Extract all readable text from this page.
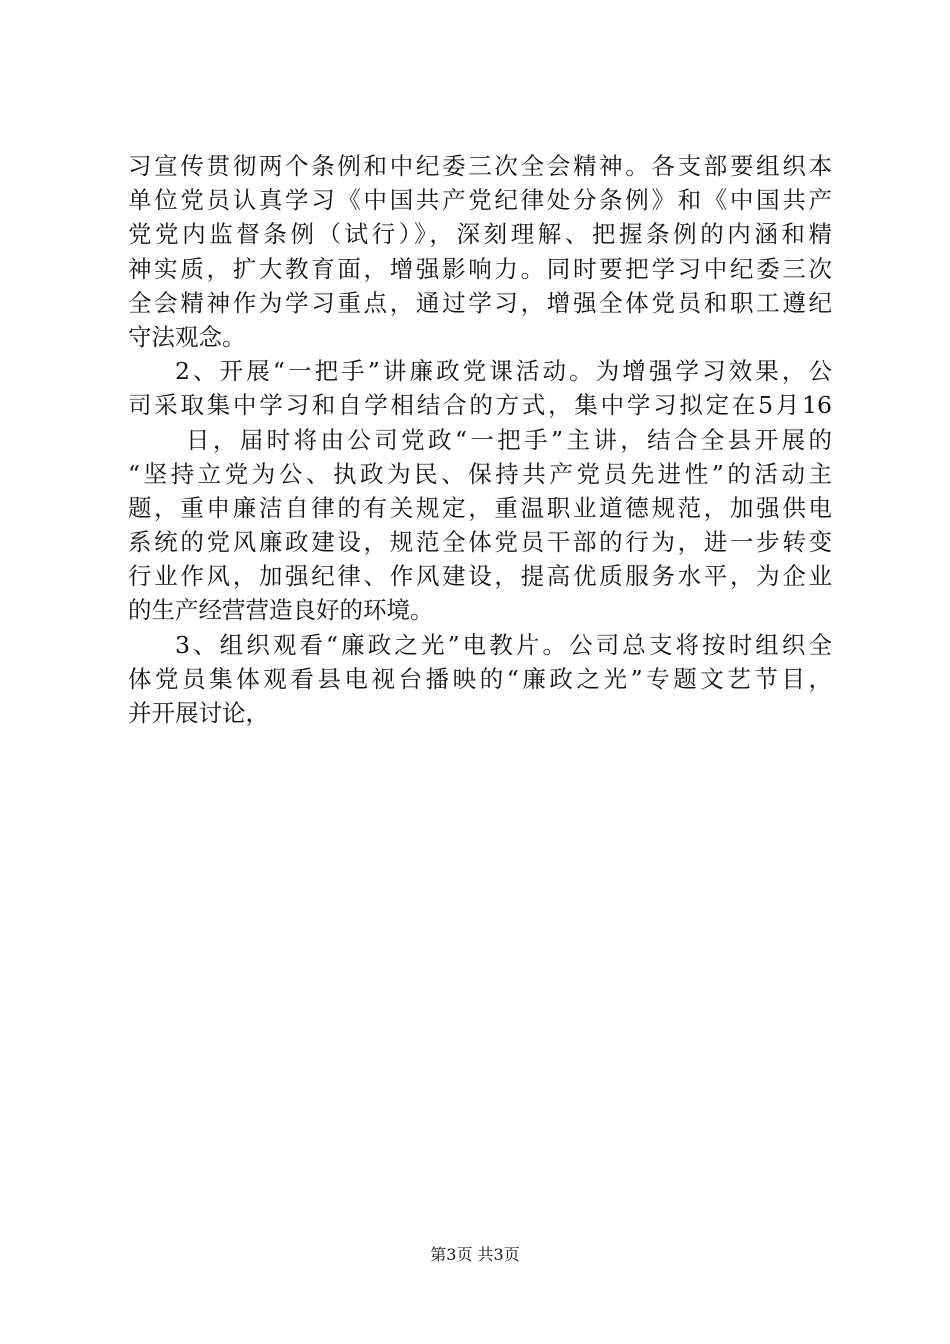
习宣传贯彻两个条例和中纪委三次全会精神。各支部要组织本
单位党员认真学习《中国共产党纪律处分条例》和《中国共产
党党内监督条例（试行）》，深刻理解、把握条例的内涵和精
神实质，扩大教育面，增强影响力。同时要把学习中纪委三次
全会精神作为学习重点，通过学习，增强全体党员和职工遵纪
守法观念。
2、开展“一把手”讲廉政党课活动。为增强学习效果，公
司采取集中学习和自学相结合的方式，集中学习拟定在5月16
日，届时将由公司党政“一把手”主讲，结合全县开展的
“坚持立党为公、执政为民、保持共产党员先进性”的活动主
题，重申廉洁自律的有关规定，重温职业道德规范，加强供电
系统的党风廉政建设，规范全体党员干部的行为，进一步转变
行业作风，加强纪律、作风建设，提高优质服务水平，为企业
的生产经营营造良好的环境。
3、组织观看“廉政之光”电教片。公司总支将按时组织全
体党员集体观看县电视台播映的“廉政之光”专题文艺节目，
并开展讨论，
第3页 共3页
